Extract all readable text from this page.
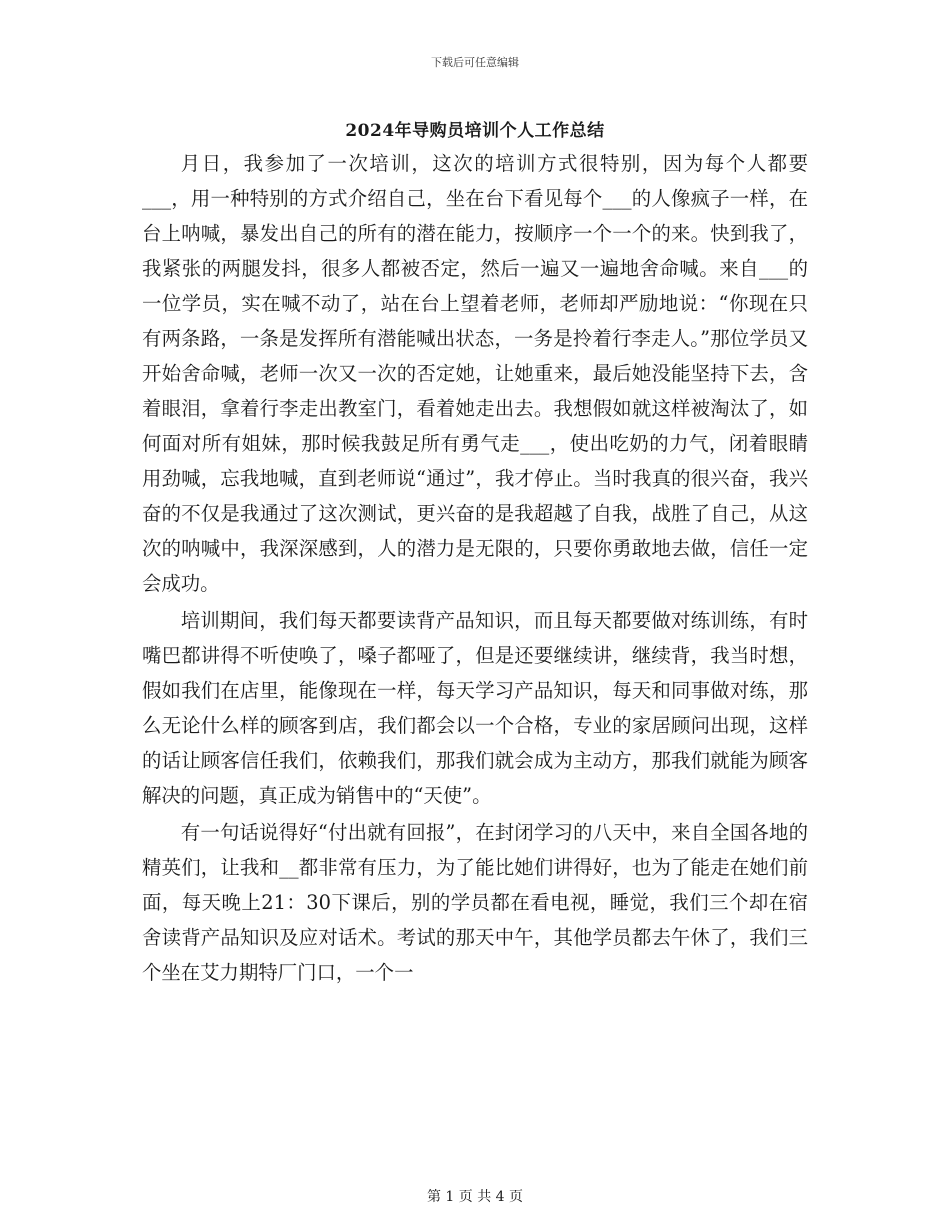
下载后可任意编辑
2024年导购员培训个人工作总结

月日，我参加了一次培训，这次的培训方式很特别，因为每个人都要___，用一种特别的方式介绍自己，坐在台下看见每个___的人像疯子一样，在台上呐喊，暴发出自己的所有的潜在能力，按顺序一个一个的来。快到我了，我紧张的两腿发抖，很多人都被否定，然后一遍又一遍地舍命喊。来自___的一位学员，实在喊不动了，站在台上望着老师，老师却严励地说：“你现在只有两条路，一条是发挥所有潜能喊出状态，一务是拎着行李走人。”那位学员又开始舍命喊，老师一次又一次的否定她，让她重来，最后她没能坚持下去，含着眼泪，拿着行李走出教室门，看着她走出去。我想假如就这样被淘汰了，如何面对所有姐妹，那时候我鼓足所有勇气走___，使出吃奶的力气，闭着眼睛用劲喊，忘我地喊，直到老师说“通过”，我才停止。当时我真的很兴奋，我兴奋的不仅是我通过了这次测试，更兴奋的是我超越了自我，战胜了自己，从这次的呐喊中，我深深感到，人的潜力是无限的，只要你勇敢地去做，信任一定会成功。

培训期间，我们每天都要读背产品知识，而且每天都要做对练训练，有时嘴巴都讲得不听使唤了，嗓子都哑了，但是还要继续讲，继续背，我当时想，假如我们在店里，能像现在一样，每天学习产品知识，每天和同事做对练，那么无论什么样的顾客到店，我们都会以一个合格，专业的家居顾问出现，这样的话让顾客信任我们，依赖我们，那我们就会成为主动方，那我们就能为顾客解决的问题，真正成为销售中的“天使”。

有一句话说得好“付出就有回报”，在封闭学习的八天中，来自全国各地的精英们，让我和__都非常有压力，为了能比她们讲得好，也为了能走在她们前面，每天晚上21：30下课后，别的学员都在看电视，睡觉，我们三个却在宿舍读背产品知识及应对话术。考试的那天中午，其他学员都去午休了，我们三个坐在艾力期特厂门口，一个一

第 1 页 共 4 页
